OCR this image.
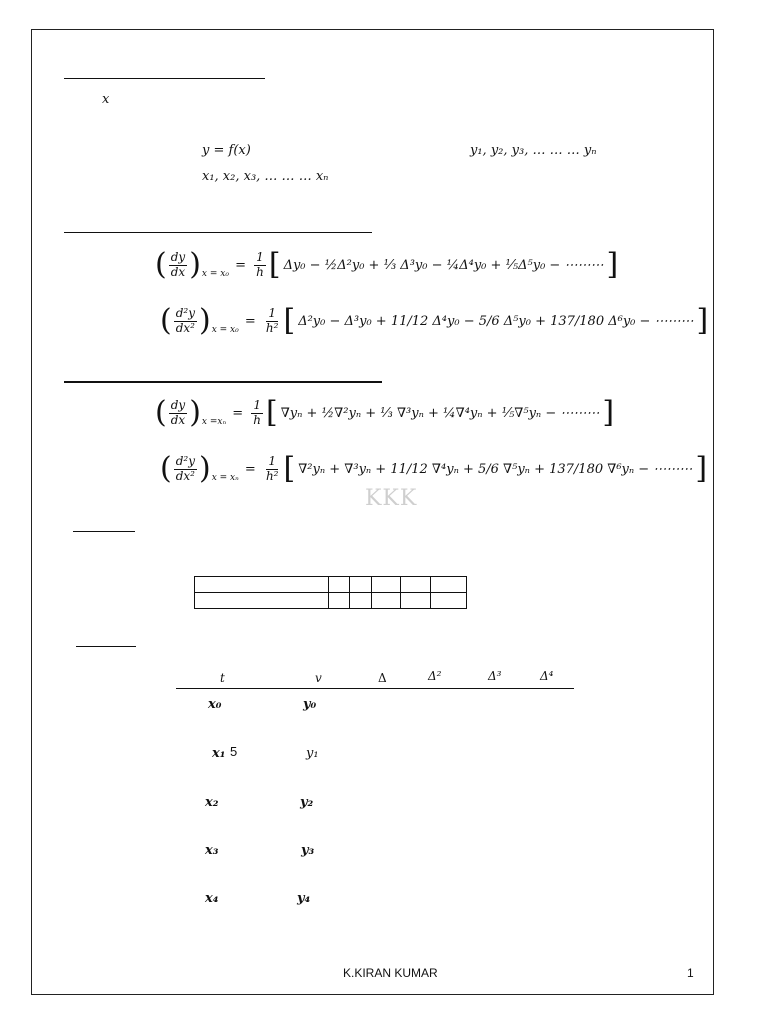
x
y = f(x)	y₁, y₂, y₃, … … … yₙ
x₁, x₂, x₃, … … … xₙ
( $\frac{dy}{dx}$ ) x = x₀
= $\frac{1}{h}$ [ Δy₀ − ½Δ²y₀ + ⅓ Δ³y₀ − ¼Δ⁴y₀ + ⅕Δ⁵y₀ − ⋯⋯⋯ ]
( $\frac{\text{d²y}}{\text{dx²}}$ ) x = x₀
= $\frac{1}{\text{h²}}$ [ Δ²y₀ − Δ³y₀ + 11/12 Δ⁴y₀ − 5/6 Δ⁵y₀ + 137/180 Δ⁶y₀ − ⋯⋯⋯ ]
( $\frac{dy}{dx}$ ) x =xₙ
= $\frac{1}{h}$ [ ∇yₙ + ½∇²yₙ + ⅓ ∇³yₙ + ¼∇⁴yₙ + ⅕∇⁵yₙ − ⋯⋯⋯ ]
( $\frac{\text{d²y}}{\text{dx²}}$ ) x = xₙ
= $\frac{1}{\text{h²}}$ [ ∇²yₙ + ∇³yₙ + 11/12 ∇⁴yₙ + 5/6 ∇⁵yₙ + 137/180 ∇⁶yₙ − ⋯⋯⋯ ]
KKK

t	v	Δ	Δ²	Δ³	Δ⁴
x₀	y₀
x₁ 5	y₁
x₂	y₂
x₃	y₃
x₄	y₄
K.KIRAN KUMAR	1
